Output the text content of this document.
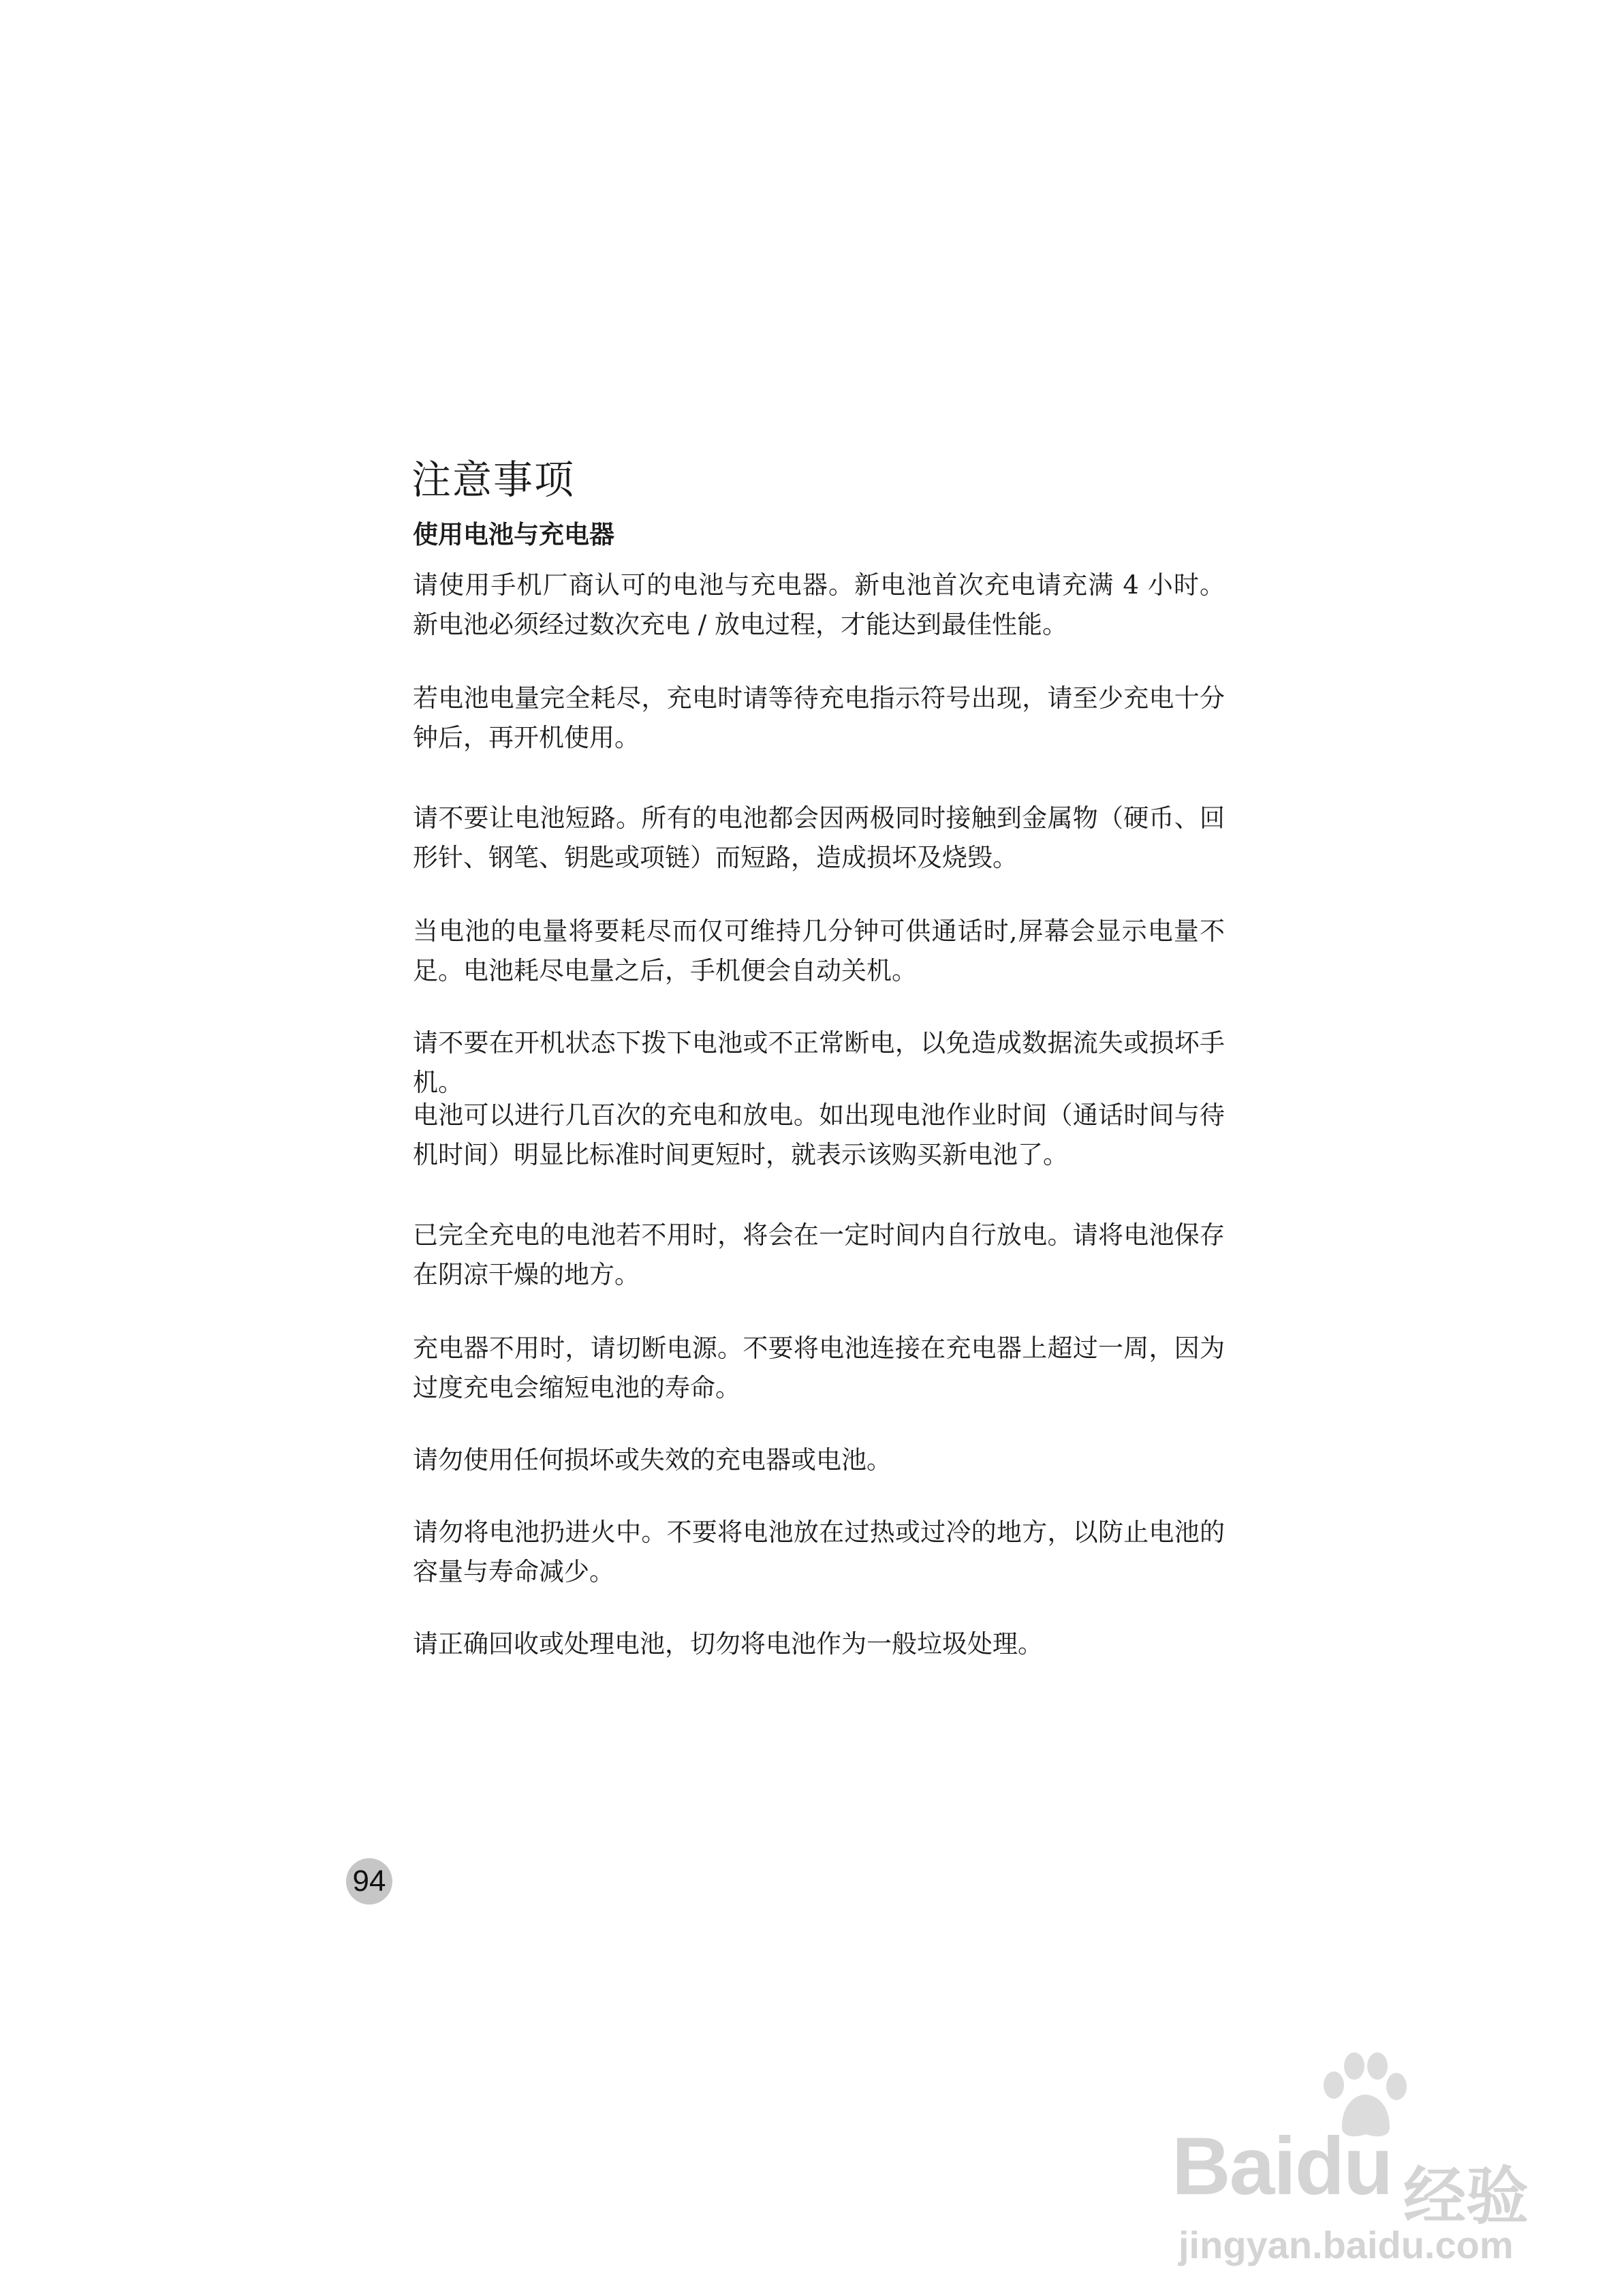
注意事项
使用电池与充电器

请使用手机厂商认可的电池与充电器。新电池首次充电请充满 4 小时。新电池必须经过数次充电 / 放电过程，才能达到最佳性能。

若电池电量完全耗尽，充电时请等待充电指示符号出现，请至少充电十分钟后，再开机使用。

请不要让电池短路。所有的电池都会因两极同时接触到金属物（硬币、回形针、钢笔、钥匙或项链）而短路，造成损坏及烧毁。

当电池的电量将要耗尽而仅可维持几分钟可供通话时,屏幕会显示电量不足。电池耗尽电量之后，手机便会自动关机。

请不要在开机状态下拨下电池或不正常断电，以免造成数据流失或损坏手机。

电池可以进行几百次的充电和放电。如出现电池作业时间（通话时间与待机时间）明显比标准时间更短时，就表示该购买新电池了。

已完全充电的电池若不用时，将会在一定时间内自行放电。请将电池保存在阴凉干燥的地方。

充电器不用时，请切断电源。不要将电池连接在充电器上超过一周，因为过度充电会缩短电池的寿命。

请勿使用任何损坏或失效的充电器或电池。

请勿将电池扔进火中。不要将电池放在过热或过冷的地方，以防止电池的容量与寿命减少。

请正确回收或处理电池，切勿将电池作为一般垃圾处理。

94
Baidu 经验
jingyan.baidu.com
